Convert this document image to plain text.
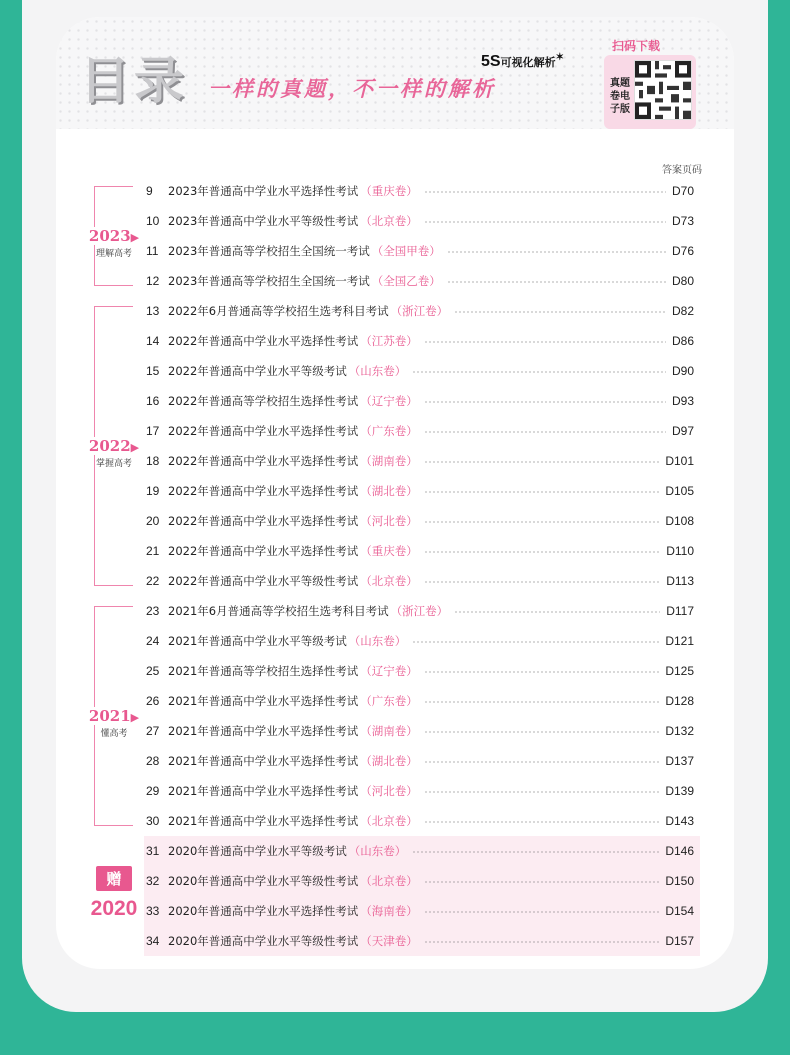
目录 一样的真题，不一样的解析
5S可视化解析✶
扫码下载
真题卷电子版
答案页码
2023▶
理解高考
2022▶
掌握高考
2021▶
懂高考
赠
2020
9	2023年普通高中学业水平选择性考试 （重庆卷）	D70
10 2023年普通高中学业水平等级性考试 （北京卷）	D73
11 2023年普通高等学校招生全国统一考试 （全国甲卷）	D76
12 2023年普通高等学校招生全国统一考试 （全国乙卷）	D80
13 2022年6月普通高等学校招生选考科目考试 （浙江卷）	D82
14 2022年普通高中学业水平选择性考试 （江苏卷）	D86
15 2022年普通高中学业水平等级考试 （山东卷）	D90
16 2022年普通高等学校招生选择性考试 （辽宁卷）	D93
17 2022年普通高中学业水平选择性考试 （广东卷）	D97
18 2022年普通高中学业水平选择性考试 （湖南卷）	D101
19 2022年普通高中学业水平选择性考试 （湖北卷）	D105
20 2022年普通高中学业水平选择性考试 （河北卷）	D108
21 2022年普通高中学业水平选择性考试 （重庆卷）	D110
22 2022年普通高中学业水平等级性考试 （北京卷）	D113
23 2021年6月普通高等学校招生选考科目考试 （浙江卷）	D117
24 2021年普通高中学业水平等级考试 （山东卷）	D121
25 2021年普通高等学校招生选择性考试 （辽宁卷）	D125
26 2021年普通高中学业水平选择性考试 （广东卷）	D128
27 2021年普通高中学业水平选择性考试 （湖南卷）	D132
28 2021年普通高中学业水平选择性考试 （湖北卷）	D137
29 2021年普通高中学业水平选择性考试 （河北卷）	D139
30 2021年普通高中学业水平选择性考试 （北京卷）	D143
31 2020年普通高中学业水平等级考试 （山东卷）	D146
32 2020年普通高中学业水平等级性考试 （北京卷）	D150
33 2020年普通高中学业水平选择性考试 （海南卷）	D154
34 2020年普通高中学业水平等级性考试 （天津卷）	D157
